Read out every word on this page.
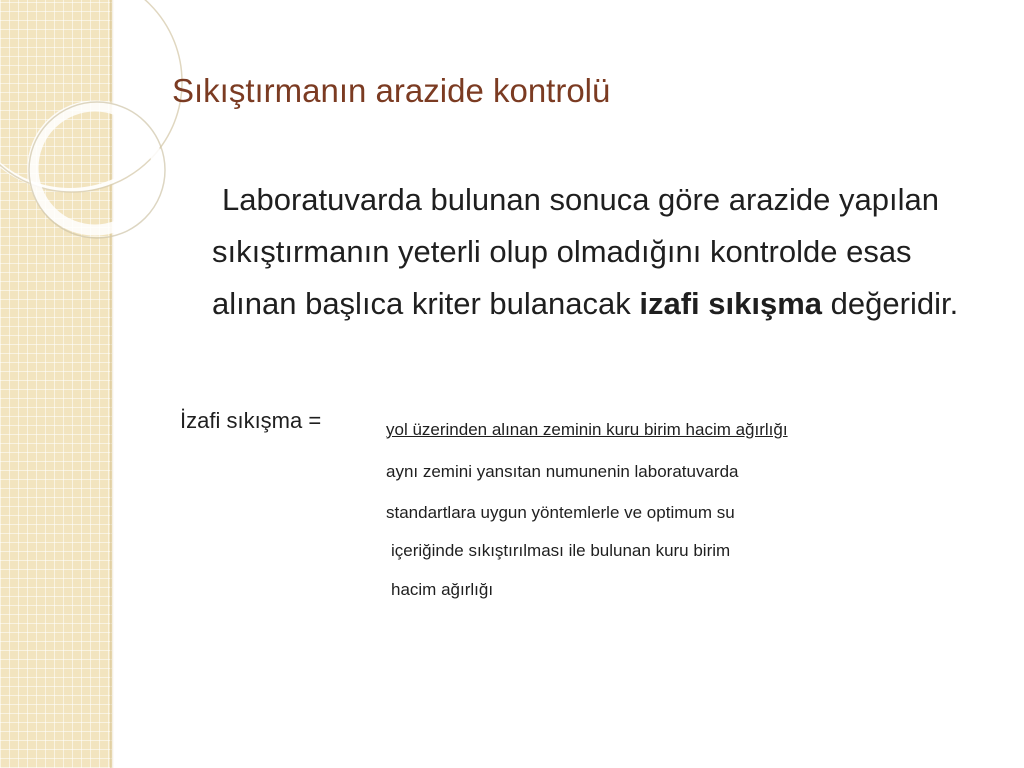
Sıkıştırmanın arazide kontrolü

Laboratuvarda bulunan sonuca göre arazide yapılan sıkıştırmanın yeterli olup olmadığını kontrolde esas alınan başlıca kriter bulanacak izafi sıkışma değeridir.

İzafi sıkışma =	yol üzerinden alınan zeminin kuru birim hacim ağırlığı

aynı zemini yansıtan numunenin laboratuvarda

standartlara uygun yöntemlerle ve optimum su

içeriğinde sıkıştırılması ile bulunan kuru birim

hacim ağırlığı
